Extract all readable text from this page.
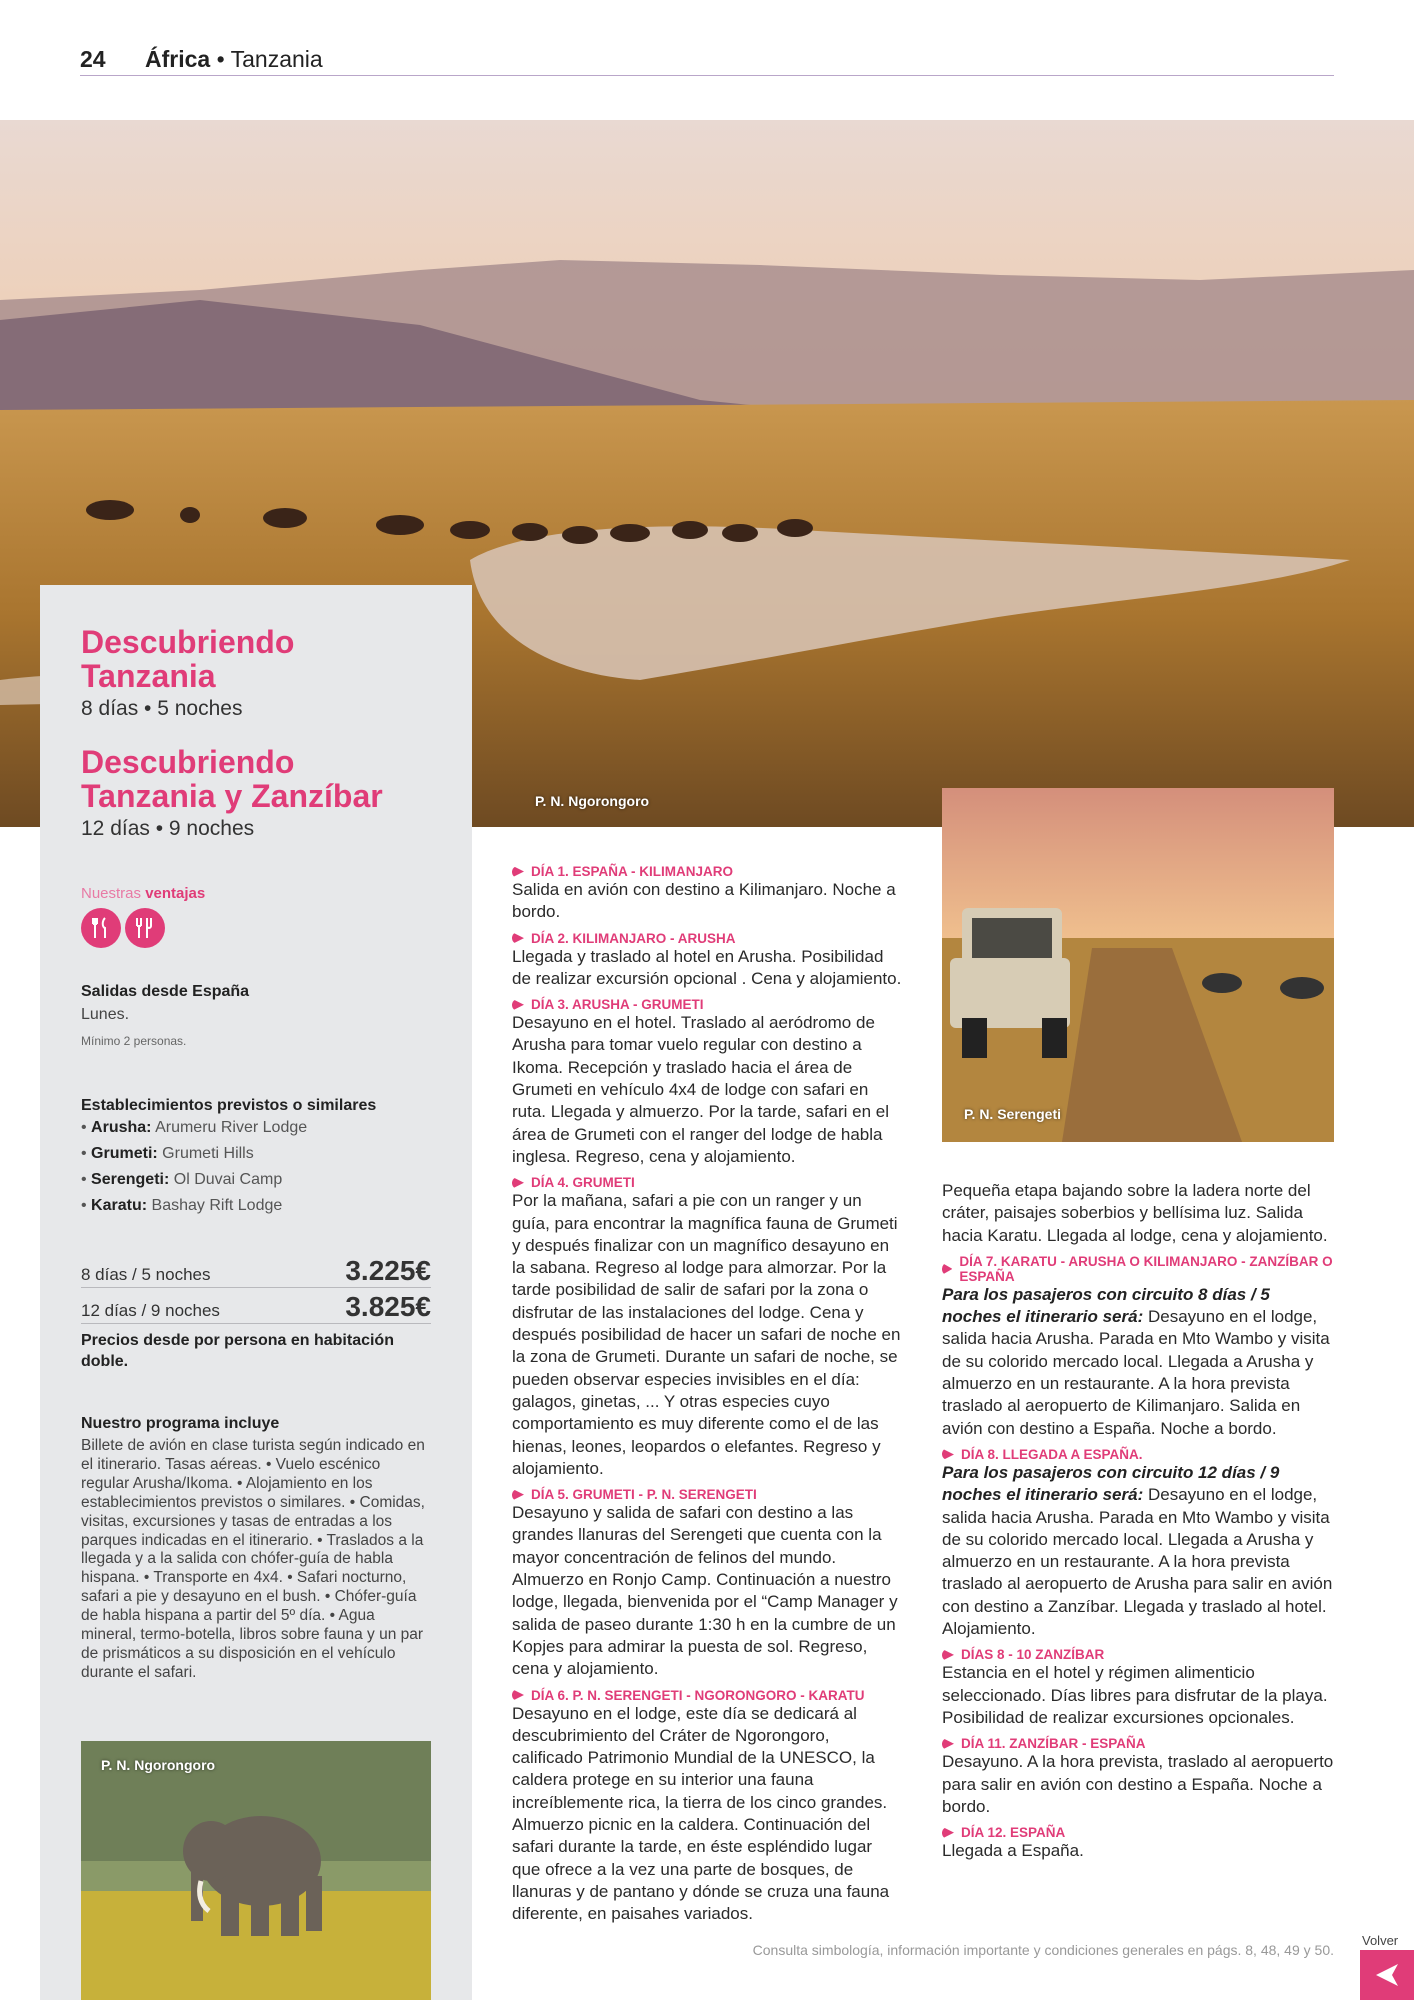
24 África • Tanzania
P. N. Ngorongoro
Descubriendo Tanzania
8 días • 5 noches
Descubriendo Tanzania y Zanzíbar
12 días • 9 noches
Nuestras ventajas
Salidas desde España
Lunes.
Mínimo 2 personas.
Establecimientos previstos o similares
• Arusha: Arumeru River Lodge
• Grumeti: Grumeti Hills
• Serengeti: Ol Duvai Camp
• Karatu: Bashay Rift Lodge
8 días / 5 noches	3.225€
12 días / 9 noches	3.825€
Precios desde por persona en habitación doble.
Nuestro programa incluye
Billete de avión en clase turista según indicado en el itinerario. Tasas aéreas. • Vuelo escénico regular Arusha/Ikoma. • Alojamiento en los establecimientos previstos o similares. • Comidas, visitas, excursiones y tasas de entradas a los parques indicadas en el itinerario. • Traslados a la llegada y a la salida con chófer-guía de habla hispana. • Transporte en 4x4. • Safari nocturno, safari a pie y desayuno en el bush. • Chófer-guía de habla hispana a partir del 5º día. • Agua mineral, termo-botella, libros sobre fauna y un par de prismáticos a su disposición en el vehículo durante el safari.
P. N. Ngorongoro
DÍA 1. ESPAÑA - KILIMANJARO
Salida en avión con destino a Kilimanjaro. Noche a bordo.
DÍA 2. KILIMANJARO - ARUSHA
Llegada y traslado al hotel en Arusha. Posibilidad de realizar excursión opcional . Cena y alojamiento.
DÍA 3. ARUSHA - GRUMETI
Desayuno en el hotel. Traslado al aeródromo de Arusha para tomar vuelo regular con destino a Ikoma. Recepción y traslado hacia el área de Grumeti en vehículo 4x4 de lodge con safari en ruta. Llegada y almuerzo. Por la tarde, safari en el área de Grumeti con el ranger del lodge de habla inglesa. Regreso, cena y alojamiento.
DÍA 4. GRUMETI
Por la mañana, safari a pie con un ranger y un guía, para encontrar la magnífica fauna de Grumeti y después finalizar con un magnífico desayuno en la sabana. Regreso al lodge para almorzar. Por la tarde posibilidad de salir de safari por la zona o disfrutar de las instalaciones del lodge. Cena y después posibilidad de hacer un safari de noche en la zona de Grumeti. Durante un safari de noche, se pueden observar especies invisibles en el día: galagos, ginetas, ... Y otras especies cuyo comportamiento es muy diferente como el de las hienas, leones, leopardos o elefantes. Regreso y alojamiento.
DÍA 5. GRUMETI - P. N. SERENGETI
Desayuno y salida de safari con destino a las grandes llanuras del Serengeti que cuenta con la mayor concentración de felinos del mundo. Almuerzo en Ronjo Camp. Continuación a nuestro lodge, llegada, bienvenida por el “Camp Manager y salida de paseo durante 1:30 h en la cumbre de un Kopjes para admirar la puesta de sol. Regreso, cena y alojamiento.
DÍA 6. P. N. SERENGETI - NGORONGORO - KARATU
Desayuno en el lodge, este día se dedicará al descubrimiento del Cráter de Ngorongoro, calificado Patrimonio Mundial de la UNESCO, la caldera protege en su interior una fauna increíblemente rica, la tierra de los cinco grandes. Almuerzo picnic en la caldera. Continuación del safari durante la tarde, en éste espléndido lugar que ofrece a la vez una parte de bosques, de llanuras y de pantano y dónde se cruza una fauna diferente, en paisahes variados.
P. N. Serengeti
Pequeña etapa bajando sobre la ladera norte del cráter, paisajes soberbios y bellísima luz. Salida hacia Karatu. Llegada al lodge, cena y alojamiento.
DÍA 7. KARATU - ARUSHA O KILIMANJARO - ZANZÍBAR O ESPAÑA
Para los pasajeros con circuito 8 días / 5 noches el itinerario será: Desayuno en el lodge, salida hacia Arusha. Parada en Mto Wambo y visita de su colorido mercado local. Llegada a Arusha y almuerzo en un restaurante. A la hora prevista traslado al aeropuerto de Kilimanjaro. Salida en avión con destino a España. Noche a bordo.
DÍA 8. LLEGADA A ESPAÑA.
Para los pasajeros con circuito 12 días / 9 noches el itinerario será: Desayuno en el lodge, salida hacia Arusha. Parada en Mto Wambo y visita de su colorido mercado local. Llegada a Arusha y almuerzo en un restaurante. A la hora prevista traslado al aeropuerto de Arusha para salir en avión con destino a Zanzíbar. Llegada y traslado al hotel. Alojamiento.
DÍAS 8 - 10 ZANZÍBAR
Estancia en el hotel y régimen alimenticio seleccionado. Días libres para disfrutar de la playa. Posibilidad de realizar excursiones opcionales.
DÍA 11. ZANZÍBAR - ESPAÑA
Desayuno. A la hora prevista, traslado al aeropuerto para salir en avión con destino a España. Noche a bordo.
DÍA 12. ESPAÑA
Llegada a España.
Consulta simbología, información importante y condiciones generales en págs. 8, 48, 49 y 50.
Volver
